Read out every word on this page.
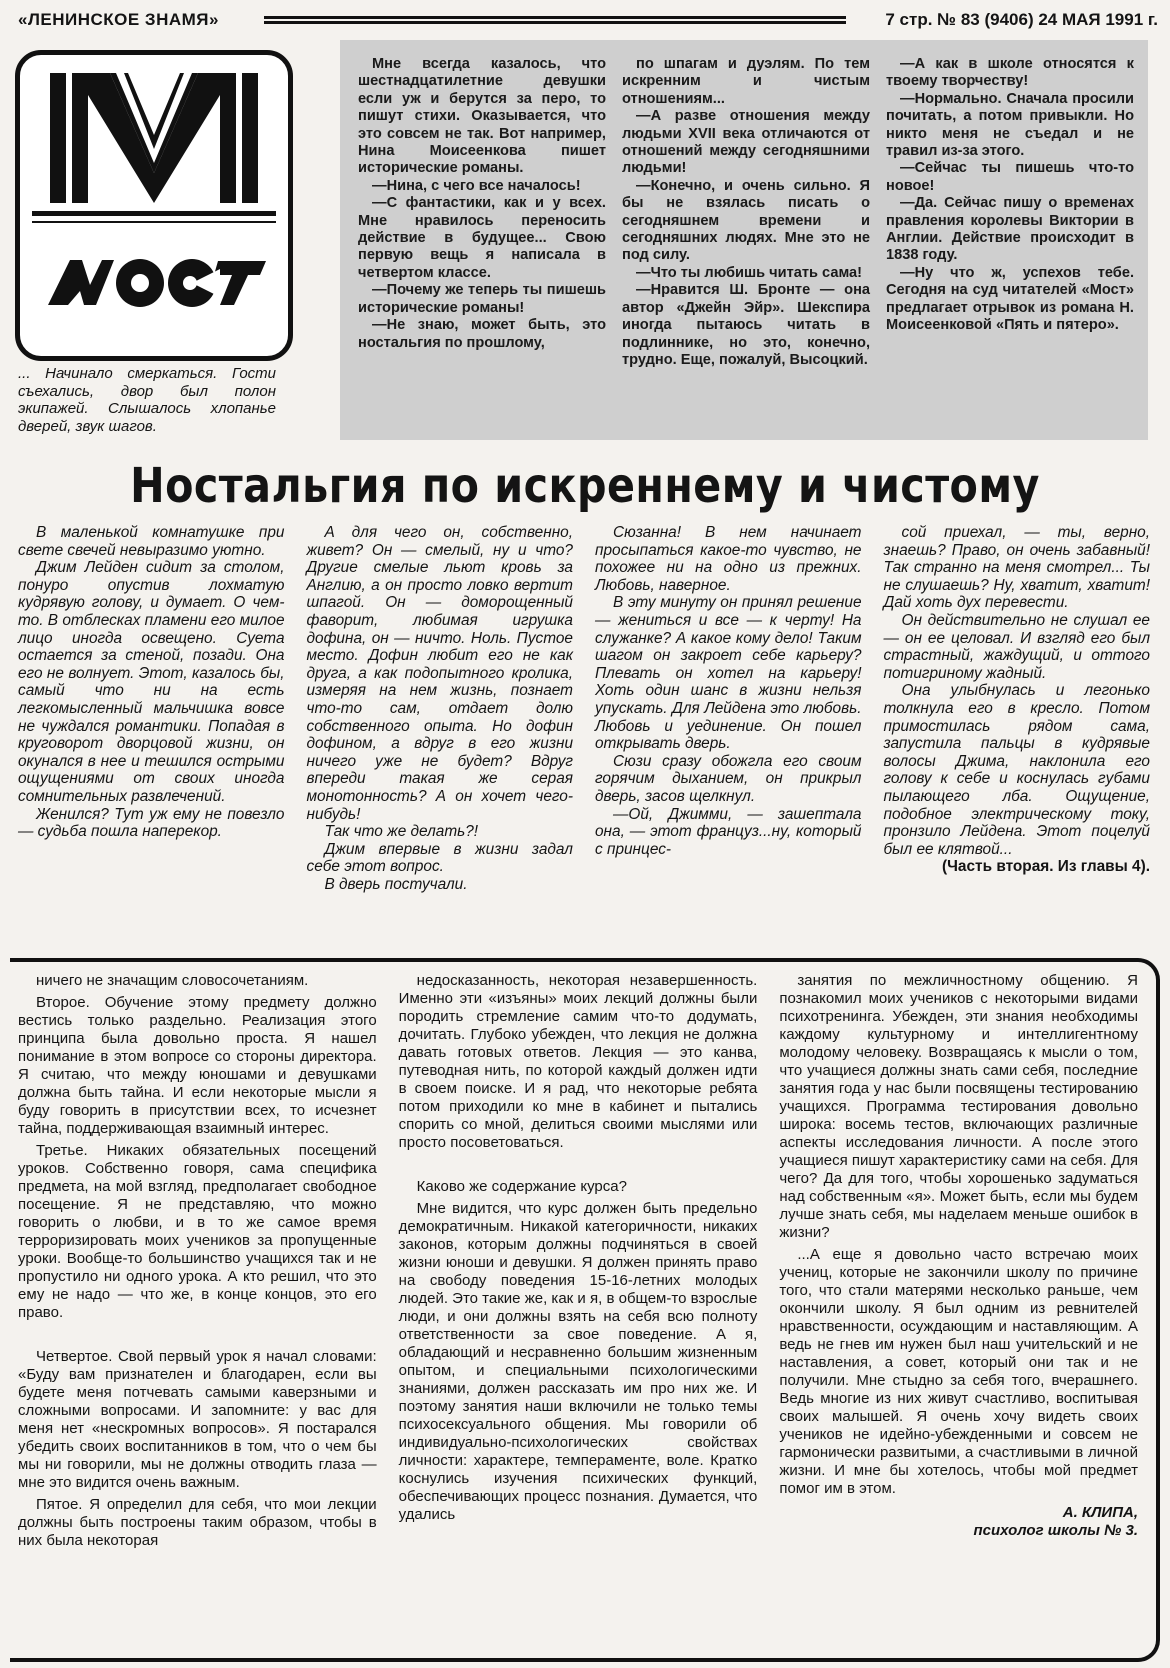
«ЛЕНИНСКОЕ ЗНАМЯ»	7 стр. № 83 (9406) 24 МАЯ 1991 г.
... Начинало смеркаться. Гости съехались, двор был полон экипажей. Слышалось хлопанье дверей, звук шагов.

Мне всегда казалось, что шестнадцатилетние девушки если уж и берутся за перо, то пишут стихи. Оказывается, что это совсем не так. Вот например, Нина Моисеенкова пишет исторические романы.

—Нина, с чего все началось!

—С фантастики, как и у всех. Мне нравилось переносить действие в будущее... Свою первую вещь я написала в четвертом классе.

—Почему же теперь ты пишешь исторические романы!

—Не знаю, может быть, это ностальгия по прошлому,

по шпагам и дуэлям. По тем искренним и чистым отношениям...

—А разве отношения между людьми XVII века отличаются от отношений между сегодняшними людьми!

—Конечно, и очень сильно. Я бы не взялась писать о сегодняшнем времени и сегодняшних людях. Мне это не под силу.

—Что ты любишь читать сама!

—Нравится Ш. Бронте — она автор «Джейн Эйр». Шекспира иногда пытаюсь читать в подлиннике, но это, конечно, трудно. Еще, пожалуй, Высоцкий.

—А как в школе относятся к твоему творчеству!

—Нормально. Сначала просили почитать, а потом привыкли. Но никто меня не съедал и не травил из-за этого.

—Сейчас ты пишешь что-то новое!

—Да. Сейчас пишу о временах правления королевы Виктории в Англии. Действие происходит в 1838 году.

—Ну что ж, успехов тебе. Сегодня на суд читателей «Мост» предлагает отрывок из романа Н. Моисеенковой «Пять и пятеро».

Ностальгия по искреннему и чистому

В маленькой комнатушке при свете свечей невыразимо уютно.

Джим Лейден сидит за столом, понуро опустив лохматую кудрявую голову, и думает. О чем-то. В отблесках пламени его милое лицо иногда освещено. Суета остается за стеной, позади. Она его не волнует. Этот, казалось бы, самый что ни на есть легкомысленный мальчишка вовсе не чуждался романтики. Попадая в круговорот дворцовой жизни, он окунался в нее и тешился острыми ощущениями от своих иногда сомнительных развлечений.

Женился? Тут уж ему не повезло — судьба пошла наперекор.

А для чего он, собственно, живет? Он — смелый, ну и что? Другие смелые льют кровь за Англию, а он просто ловко вертит шпагой. Он — доморощенный фаворит, любимая игрушка дофина, он — ничто. Ноль. Пустое место. Дофин любит его не как друга, а как подопытного кролика, измеряя на нем жизнь, познает что-то сам, отдает долю собственного опыта. Но дофин дофином, а вдруг в его жизни ничего уже не будет? Вдруг впереди такая же серая монотонность? А он хочет чего-нибудь!

Так что же делать?!

Джим впервые в жизни задал себе этот вопрос.

В дверь постучали.

Сюзанна! В нем начинает просыпаться какое-то чувство, не похожее ни на одно из прежних. Любовь, наверное.

В эту минуту он принял решение — жениться и все — к черту! На служанке? А какое кому дело! Таким шагом он закроет себе карьеру? Плевать он хотел на карьеру! Хоть один шанс в жизни нельзя упускать. Для Лейдена это любовь. Любовь и уединение. Он пошел открывать дверь.

Сюзи сразу обожгла его своим горячим дыханием, он прикрыл дверь, засов щелкнул.

—Ой, Джимми, — зашептала она, — этот француз...ну, который с принцес-

сой приехал, — ты, верно, знаешь? Право, он очень забавный! Так странно на меня смотрел... Ты не слушаешь? Ну, хватит, хватит! Дай хоть дух перевести.

Он действительно не слушал ее — он ее целовал. И взгляд его был страстный, жаждущий, и оттого потигриному жадный.

Она улыбнулась и легонько толкнула его в кресло. Потом примостилась рядом сама, запустила пальцы в кудрявые волосы Джима, наклонила его голову к себе и коснулась губами пылающего лба. Ощущение, подобное электрическому току, пронзило Лейдена. Этот поцелуй был ее клятвой...

(Часть вторая. Из главы 4).

ничего не значащим словосочетаниям.

Второе. Обучение этому предмету должно вестись только раздельно. Реализация этого принципа была довольно проста. Я нашел понимание в этом вопросе со стороны директора. Я считаю, что между юношами и девушками должна быть тайна. И если некоторые мысли я буду говорить в присутствии всех, то исчезнет тайна, поддерживающая взаимный интерес.

Третье. Никаких обязательных посещений уроков. Собственно говоря, сама специфика предмета, на мой взгляд, предполагает свободное посещение. Я не представляю, что можно говорить о любви, и в то же самое время терроризировать моих учеников за пропущенные уроки. Вообще-то большинство учащихся так и не пропустило ни одного урока. А кто решил, что это ему не надо — что же, в конце концов, это его право.

Четвертое. Свой первый урок я начал словами: «Буду вам признателен и благодарен, если вы будете меня потчевать самыми каверзными и сложными вопросами. И запомните: у вас для меня нет «нескромных вопросов». Я постарался убедить своих воспитанников в том, что о чем бы мы ни говорили, мы не должны отводить глаза — мне это видится очень важным.

Пятое. Я определил для себя, что мои лекции должны быть построены таким образом, чтобы в них была некоторая

недосказанность, некоторая незавершенность. Именно эти «изъяны» моих лекций должны были породить стремление самим что-то додумать, дочитать. Глубоко убежден, что лекция не должна давать готовых ответов. Лекция — это канва, путеводная нить, по которой каждый должен идти в своем поиске. И я рад, что некоторые ребята потом приходили ко мне в кабинет и пытались спорить со мной, делиться своими мыслями или просто посоветоваться.

Каково же содержание курса?

Мне видится, что курс должен быть предельно демократичным. Никакой категоричности, никаких законов, которым должны подчиняться в своей жизни юноши и девушки. Я должен принять право на свободу поведения 15-16-летних молодых людей. Это такие же, как и я, в общем-то взрослые люди, и они должны взять на себя всю полноту ответственности за свое поведение. А я, обладающий и несравненно большим жизненным опытом, и специальными психологическими знаниями, должен рассказать им про них же. И поэтому занятия наши включили не только темы психосексуального общения. Мы говорили об индивидуально-психологических свойствах личности: характере, темпераменте, воле. Кратко коснулись изучения психических функций, обеспечивающих процесс познания. Думается, что удались

занятия по межличностному общению. Я познакомил моих учеников с некоторыми видами психотренинга. Убежден, эти знания необходимы каждому культурному и интеллигентному молодому человеку. Возвращаясь к мысли о том, что учащиеся должны знать сами себя, последние занятия года у нас были посвящены тестированию учащихся. Программа тестирования довольно широка: восемь тестов, включающих различные аспекты исследования личности. А после этого учащиеся пишут характеристику сами на себя. Для чего? Да для того, чтобы хорошенько задуматься над собственным «я». Может быть, если мы будем лучше знать себя, мы наделаем меньше ошибок в жизни?

...А еще я довольно часто встречаю моих учениц, которые не закончили школу по причине того, что стали матерями несколько раньше, чем окончили школу. Я был одним из ревнителей нравственности, осуждающим и наставляющим. А ведь не гнев им нужен был наш учительский и не наставления, а совет, который они так и не получили. Мне стыдно за себя того, вчерашнего. Ведь многие из них живут счастливо, воспитывая своих малышей. Я очень хочу видеть своих учеников не идейно-убежденными и совсем не гармонически развитыми, а счастливыми в личной жизни. И мне бы хотелось, чтобы мой предмет помог им в этом.

А. КЛИПА,

психолог школы № 3.
